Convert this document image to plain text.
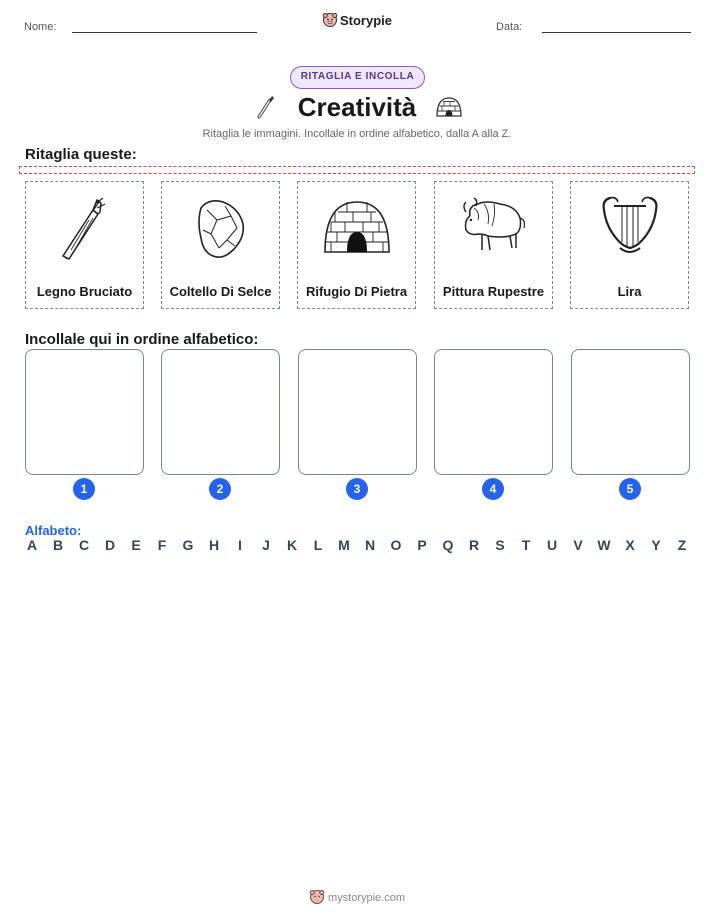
Nome:	Storypie	Data:
RITAGLIA E INCOLLA
Creatività
Ritaglia le immagini. Incollale in ordine alfabetico, dalla A alla Z.
Ritaglia queste:
Legno Bruciato	Coltello Di Selce	Rifugio Di Pietra	Pittura Rupestre	Lira
Incollale qui in ordine alfabetico:
1	2	3	4	5
Alfabeto:
A B C D E F G H	I	J K L M N O P Q R S T U V W X Y Z
mystorypie.com
